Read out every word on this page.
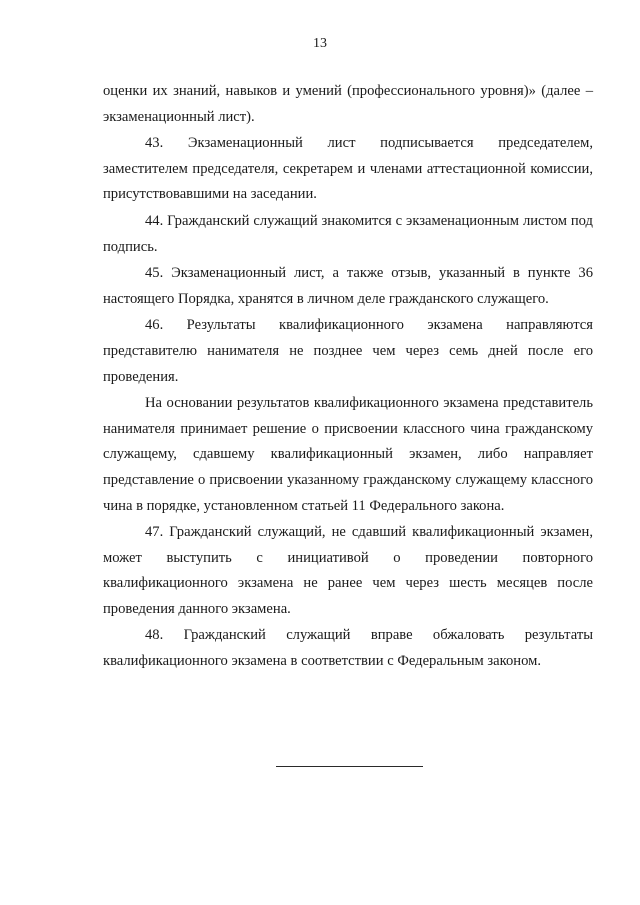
13

оценки их знаний, навыков и умений (профессионального уровня)» (далее – экзаменационный лист).

43. Экзаменационный лист подписывается председателем, заместителем председателя, секретарем и членами аттестационной комиссии, присутствовавшими на заседании.

44. Гражданский служащий знакомится с экзаменационным листом под подпись.

45. Экзаменационный лист, а также отзыв, указанный в пункте 36 настоящего Порядка, хранятся в личном деле гражданского служащего.

46. Результаты квалификационного экзамена направляются представителю нанимателя не позднее чем через семь дней после его проведения.

На основании результатов квалификационного экзамена представитель нанимателя принимает решение о присвоении классного чина гражданскому служащему, сдавшему квалификационный экзамен, либо направляет представление о присвоении указанному гражданскому служащему классного чина в порядке, установленном статьей 11 Федерального закона.

47. Гражданский служащий, не сдавший квалификационный экзамен, может выступить с инициативой о проведении повторного квалификационного экзамена не ранее чем через шесть месяцев после проведения данного экзамена.

48. Гражданский служащий вправе обжаловать результаты квалификационного экзамена в соответствии с Федеральным законом.
